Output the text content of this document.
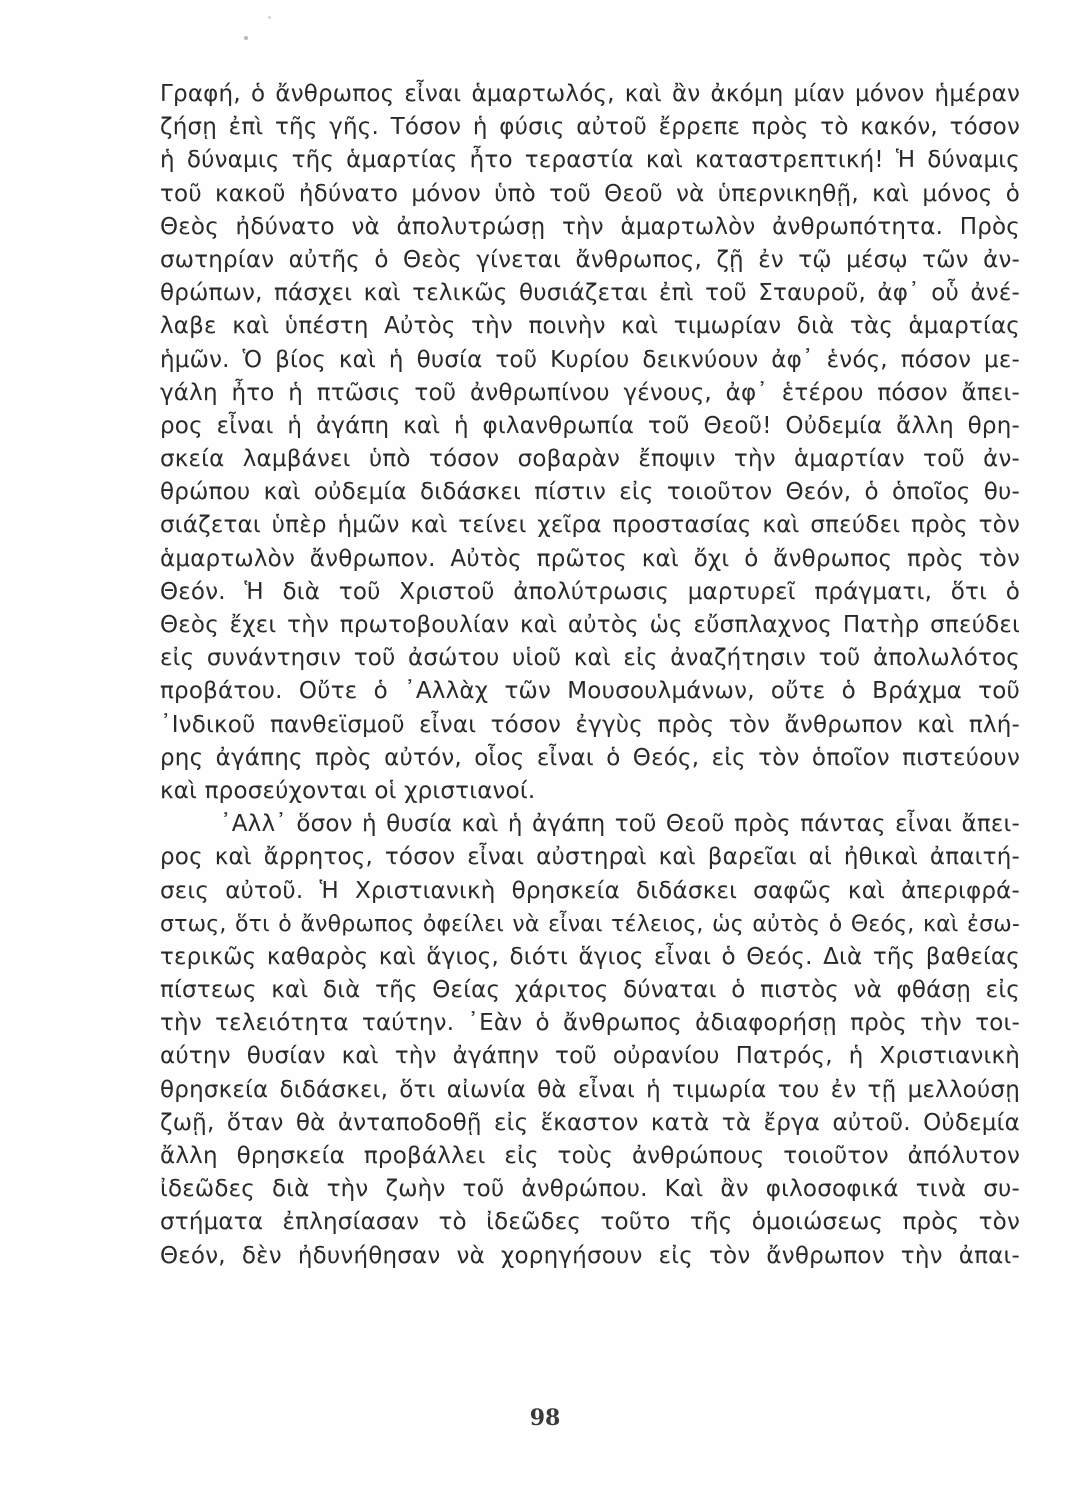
Γραφή, ὁ ἄνθρωπος εἶναι ἁμαρτωλός, καὶ ἂν ἀκόμη μίαν μόνον ἡμέραν
ζήσῃ ἐπὶ τῆς γῆς. Τόσον ἡ φύσις αὐτοῦ ἔρρεπε πρὸς τὸ κακόν, τόσον
ἡ δύναμις τῆς ἁμαρτίας ἦτο τεραστία καὶ καταστρεπτική! Ἡ δύναμις
τοῦ κακοῦ ἠδύνατο μόνον ὑπὸ τοῦ Θεοῦ νὰ ὑπερνικηθῇ, καὶ μόνος ὁ
Θεὸς ἠδύνατο νὰ ἀπολυτρώσῃ τὴν ἁμαρτωλὸν ἀνθρωπότητα. Πρὸς
σωτηρίαν αὐτῆς ὁ Θεὸς γίνεται ἄνθρωπος, ζῇ ἐν τῷ μέσῳ τῶν ἀν-
θρώπων, πάσχει καὶ τελικῶς θυσιάζεται ἐπὶ τοῦ Σταυροῦ, ἀφ᾽ οὗ ἀνέ-
λαβε καὶ ὑπέστη Αὐτὸς τὴν ποινὴν καὶ τιμωρίαν διὰ τὰς ἁμαρτίας
ἡμῶν. Ὁ βίος καὶ ἡ θυσία τοῦ Κυρίου δεικνύουν ἀφ᾽ ἑνός, πόσον με-
γάλη ἦτο ἡ πτῶσις τοῦ ἀνθρωπίνου γένους, ἀφ᾽ ἑτέρου πόσον ἄπει-
ρος εἶναι ἡ ἀγάπη καὶ ἡ φιλανθρωπία τοῦ Θεοῦ! Οὐδεμία ἄλλη θρη-
σκεία λαμβάνει ὑπὸ τόσον σοβαρὰν ἔποψιν τὴν ἁμαρτίαν τοῦ ἀν-
θρώπου καὶ οὐδεμία διδάσκει πίστιν εἰς τοιοῦτον Θεόν, ὁ ὁποῖος θυ-
σιάζεται ὑπὲρ ἡμῶν καὶ τείνει χεῖρα προστασίας καὶ σπεύδει πρὸς τὸν
ἁμαρτωλὸν ἄνθρωπον. Αὐτὸς πρῶτος καὶ ὄχι ὁ ἄνθρωπος πρὸς τὸν
Θεόν. Ἡ διὰ τοῦ Χριστοῦ ἀπολύτρωσις μαρτυρεῖ πράγματι, ὅτι ὁ
Θεὸς ἔχει τὴν πρωτοβουλίαν καὶ αὐτὸς ὡς εὔσπλαχνος Πατὴρ σπεύδει
εἰς συνάντησιν τοῦ ἀσώτου υἱοῦ καὶ εἰς ἀναζήτησιν τοῦ ἀπολωλότος
προβάτου. Οὔτε ὁ ᾽Αλλὰχ τῶν Μουσουλμάνων, οὔτε ὁ Βράχμα τοῦ
᾽Ινδικοῦ πανθεϊσμοῦ εἶναι τόσον ἐγγὺς πρὸς τὸν ἄνθρωπον καὶ πλή-
ρης ἀγάπης πρὸς αὐτόν, οἷος εἶναι ὁ Θεός, εἰς τὸν ὁποῖον πιστεύουν
καὶ προσεύχονται οἱ χριστιανοί.
᾽Αλλ᾽ ὅσον ἡ θυσία καὶ ἡ ἀγάπη τοῦ Θεοῦ πρὸς πάντας εἶναι ἄπει-
ρος καὶ ἄρρητος, τόσον εἶναι αὐστηραὶ καὶ βαρεῖαι αἱ ἠθικαὶ ἀπαιτή-
σεις αὐτοῦ. Ἡ Χριστιανικὴ θρησκεία διδάσκει σαφῶς καὶ ἀπεριφρά-
στως, ὅτι ὁ ἄνθρωπος ὀφείλει νὰ εἶναι τέλειος, ὡς αὐτὸς ὁ Θεός, καὶ ἐσω-
τερικῶς καθαρὸς καὶ ἅγιος, διότι ἅγιος εἶναι ὁ Θεός. Διὰ τῆς βαθείας
πίστεως καὶ διὰ τῆς Θείας χάριτος δύναται ὁ πιστὸς νὰ φθάσῃ εἰς
τὴν τελειότητα ταύτην. ᾽Εὰν ὁ ἄνθρωπος ἀδιαφορήσῃ πρὸς τὴν τοι-
αύτην θυσίαν καὶ τὴν ἀγάπην τοῦ οὐρανίου Πατρός, ἡ Χριστιανικὴ
θρησκεία διδάσκει, ὅτι αἰωνία θὰ εἶναι ἡ τιμωρία του ἐν τῇ μελλούσῃ
ζωῇ, ὅταν θὰ ἀνταποδοθῇ εἰς ἕκαστον κατὰ τὰ ἔργα αὐτοῦ. Οὐδεμία
ἄλλη θρησκεία προβάλλει εἰς τοὺς ἀνθρώπους τοιοῦτον ἀπόλυτον
ἰδεῶδες διὰ τὴν ζωὴν τοῦ ἀνθρώπου. Καὶ ἂν φιλοσοφικά τινὰ συ-
στήματα ἐπλησίασαν τὸ ἰδεῶδες τοῦτο τῆς ὁμοιώσεως πρὸς τὸν
Θεόν, δὲν ἠδυνήθησαν νὰ χορηγήσουν εἰς τὸν ἄνθρωπον τὴν ἀπαι-
98
